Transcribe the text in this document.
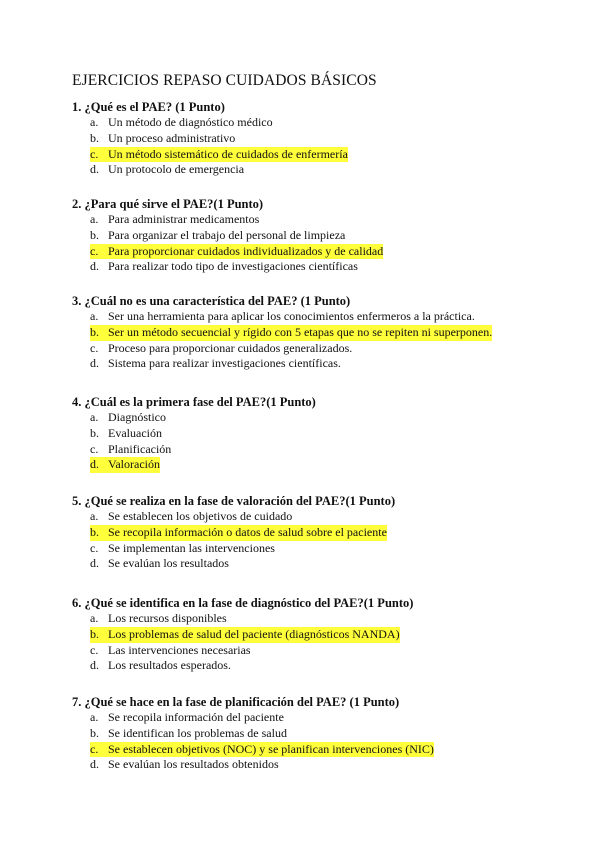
EJERCICIOS REPASO CUIDADOS BÁSICOS
1. ¿Qué es el PAE? (1 Punto)
a. Un método de diagnóstico médico
b. Un proceso administrativo
c. Un método sistemático de cuidados de enfermería
d. Un protocolo de emergencia
2. ¿Para qué sirve el PAE?(1 Punto)
a. Para administrar medicamentos
b. Para organizar el trabajo del personal de limpieza
c. Para proporcionar cuidados individualizados y de calidad
d. Para realizar todo tipo de investigaciones científicas
3. ¿Cuál no es una característica del PAE? (1 Punto)
a. Ser una herramienta para aplicar los conocimientos enfermeros a la práctica.
b. Ser un método secuencial y rígido con 5 etapas que no se repiten ni superponen.
c. Proceso para proporcionar cuidados generalizados.
d. Sistema para realizar investigaciones científicas.
4. ¿Cuál es la primera fase del PAE?(1 Punto)
a. Diagnóstico
b. Evaluación
c. Planificación
d. Valoración
5. ¿Qué se realiza en la fase de valoración del PAE?(1 Punto)
a. Se establecen los objetivos de cuidado
b. Se recopila información o datos de salud sobre el paciente
c. Se implementan las intervenciones
d. Se evalúan los resultados
6. ¿Qué se identifica en la fase de diagnóstico del PAE?(1 Punto)
a. Los recursos disponibles
b. Los problemas de salud del paciente (diagnósticos NANDA)
c. Las intervenciones necesarias
d. Los resultados esperados.
7. ¿Qué se hace en la fase de planificación del PAE? (1 Punto)
a. Se recopila información del paciente
b. Se identifican los problemas de salud
c. Se establecen objetivos (NOC) y se planifican intervenciones (NIC)
d. Se evalúan los resultados obtenidos
